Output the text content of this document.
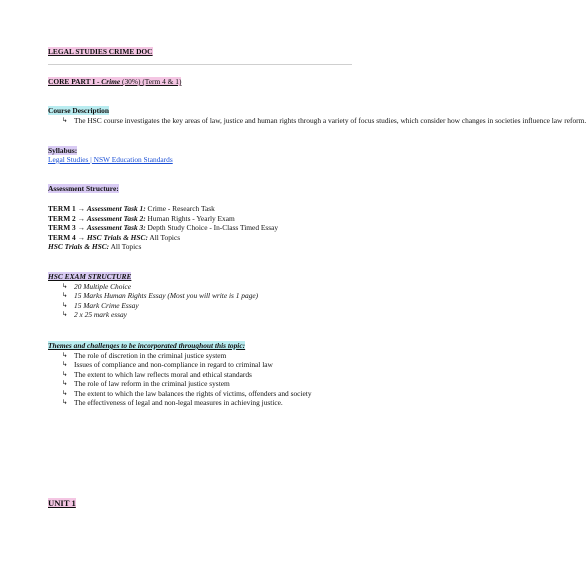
LEGAL STUDIES CRIME DOC
CORE PART I - Crime (30%) (Term 4 & 1)
Course Description
↳ The HSC course investigates the key areas of law, justice and human rights through a variety of focus studies, which consider how changes in societies influence law reform.
Syllabus:
Legal Studies | NSW Education Standards
Assessment Structure:
TERM 1 → Assessment Task 1: Crime - Research Task
TERM 2 → Assessment Task 2: Human Rights - Yearly Exam
TERM 3 → Assessment Task 3: Depth Study Choice - In-Class Timed Essay
TERM 4 → HSC Trials & HSC: All Topics
HSC Trials & HSC: All Topics
HSC EXAM STRUCTURE
↳ 20 Multiple Choice
↳ 15 Marks Human Rights Essay (Most you will write is 1 page)
↳ 15 Mark Crime Essay
↳ 2 x 25 mark essay
Themes and challenges to be incorporated throughout this topic:
↳ The role of discretion in the criminal justice system
↳ Issues of compliance and non-compliance in regard to criminal law
↳ The extent to which law reflects moral and ethical standards
↳ The role of law reform in the criminal justice system
↳ The extent to which the law balances the rights of victims, offenders and society
↳ The effectiveness of legal and non-legal measures in achieving justice.
UNIT 1
